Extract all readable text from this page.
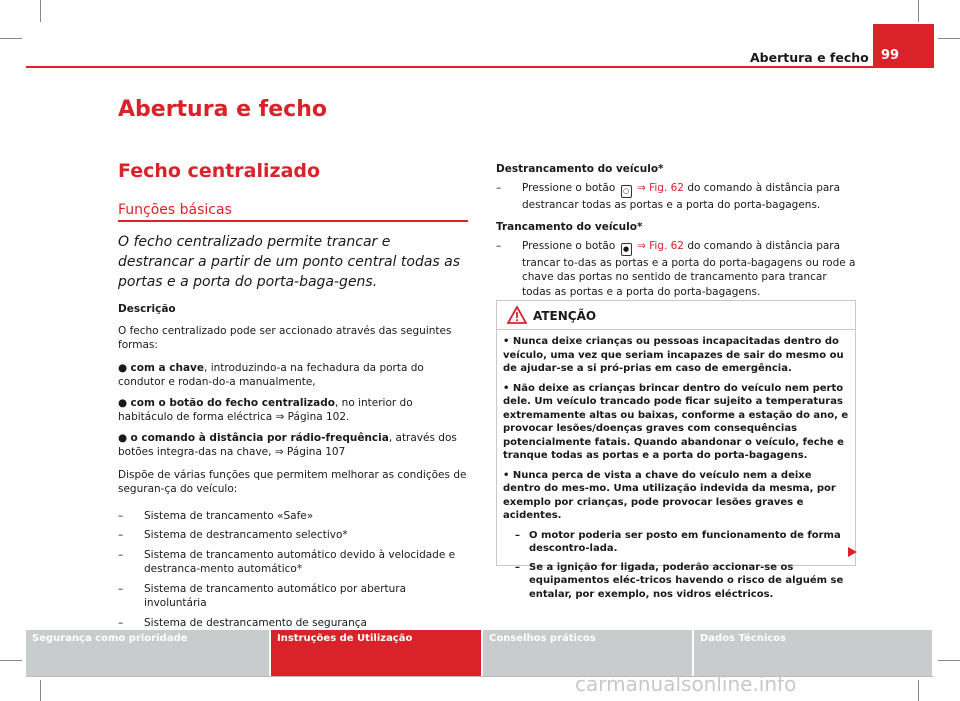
Abertura e fecho 99
Abertura e fecho
Fecho centralizado
Funções básicas

O fecho centralizado permite trancar e destrancar a partir de um ponto central todas as portas e a porta do porta-baga-gens.

Descrição

O fecho centralizado pode ser accionado através das seguintes formas:

● com a chave, introduzindo-a na fechadura da porta do condutor e rodan-do-a manualmente,

● com o botão do fecho centralizado, no interior do habitáculo de forma eléctrica ⇒ Página 102.

● o comando à distância por rádio-frequência, através dos botões integra-das na chave, ⇒ Página 107

Dispõe de várias funções que permitem melhorar as condições de seguran-ça do veículo:

–	Sistema de trancamento «Safe»
–	Sistema de destrancamento selectivo*
–	Sistema de trancamento automático devido à velocidade e destranca-mento automático*
–	Sistema de trancamento automático por abertura involuntária
–	Sistema de destrancamento de segurança

Destrancamento do veículo*

–	Pressione o botão ○ ⇒ Fig. 62 do comando à distância para destrancar todas as portas e a porta do porta-bagagens.

Trancamento do veículo*

–	Pressione o botão ● ⇒ Fig. 62 do comando à distância para trancar to-das as portas e a porta do porta-bagagens ou rode a chave das portas no sentido de trancamento para trancar todas as portas e a porta do porta-bagagens.
ATENÇÃO

• Nunca deixe crianças ou pessoas incapacitadas dentro do veículo, uma vez que seriam incapazes de sair do mesmo ou de ajudar-se a si pró-prias em caso de emergência.

• Não deixe as crianças brincar dentro do veículo nem perto dele. Um veículo trancado pode ficar sujeito a temperaturas extremamente altas ou baixas, conforme a estação do ano, e provocar lesões/doenças graves com consequências potencialmente fatais. Quando abandonar o veículo, feche e tranque todas as portas e a porta do porta-bagagens.

• Nunca perca de vista a chave do veículo nem a deixe dentro do mes-mo. Uma utilização indevida da mesma, por exemplo por crianças, pode provocar lesões graves e acidentes.

– O motor poderia ser posto em funcionamento de forma descontro-lada.
– Se a ignição for ligada, poderão accionar-se os equipamentos eléc-tricos havendo o risco de alguém se entalar, por exemplo, nos vidros eléctricos.
Segurança como prioridade	Instruções de Utilização	Conselhos práticos	Dados Técnicos
carmanualsonline.info
